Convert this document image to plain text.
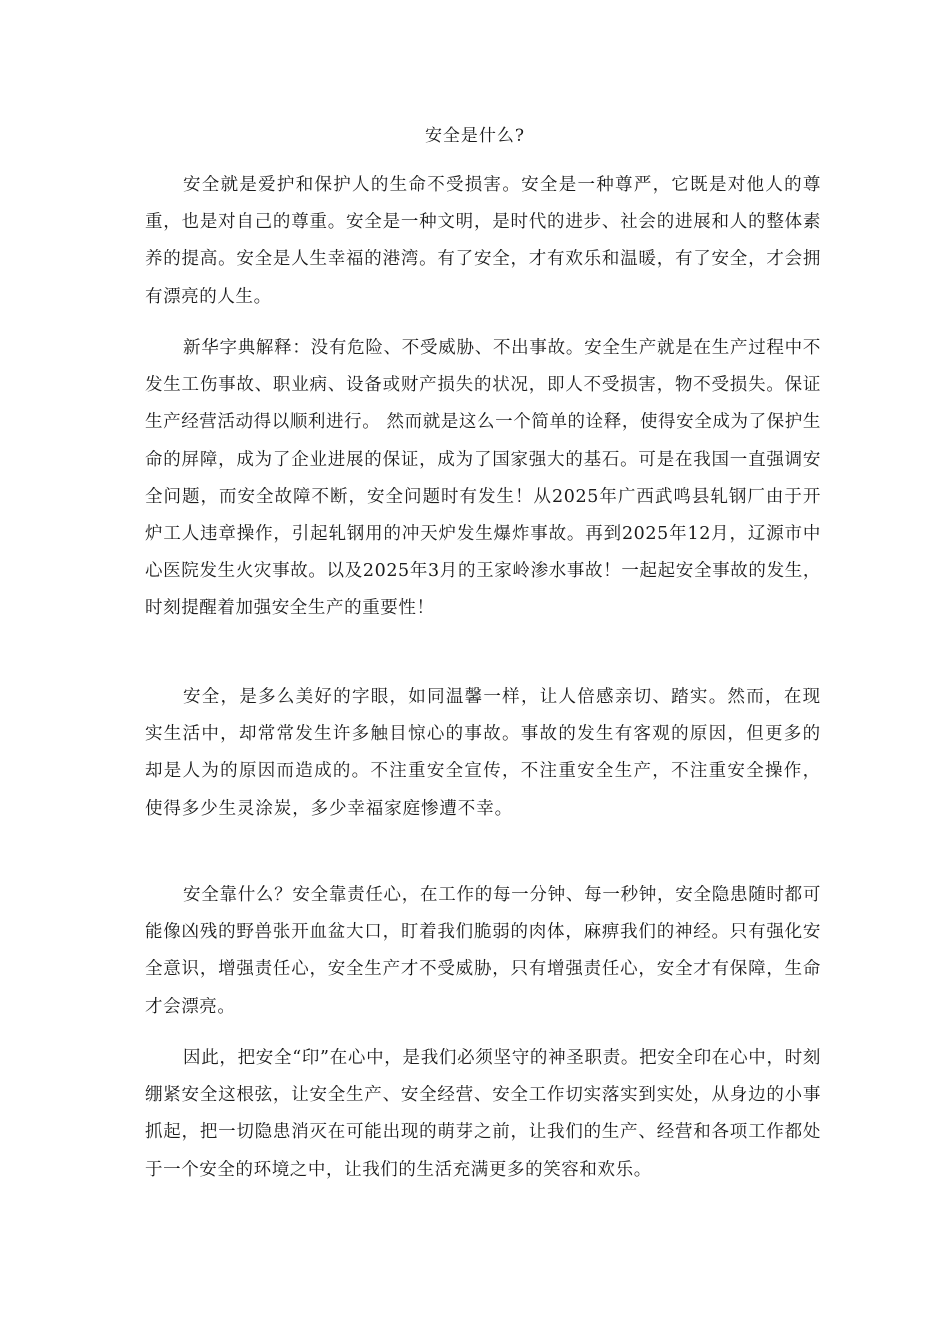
安全是什么?

安全就是爱护和保护人的生命不受损害。安全是一种尊严，它既是对他人的尊重，也是对自己的尊重。安全是一种文明，是时代的进步、社会的进展和人的整体素养的提高。安全是人生幸福的港湾。有了安全，才有欢乐和温暖，有了安全，才会拥有漂亮的人生。

新华字典解释：没有危险、不受威胁、不出事故。安全生产就是在生产过程中不发生工伤事故、职业病、设备或财产损失的状况，即人不受损害，物不受损失。保证生产经营活动得以顺利进行。 然而就是这么一个简单的诠释，使得安全成为了保护生命的屏障，成为了企业进展的保证，成为了国家强大的基石。可是在我国一直强调安全问题，而安全故障不断，安全问题时有发生！从2025年广西武鸣县轧钢厂由于开炉工人违章操作，引起轧钢用的冲天炉发生爆炸事故。再到2025年12月，辽源市中心医院发生火灾事故。以及2025年3月的王家岭渗水事故！一起起安全事故的发生，时刻提醒着加强安全生产的重要性！

安全，是多么美好的字眼，如同温馨一样，让人倍感亲切、踏实。然而，在现实生活中，却常常发生许多触目惊心的事故。事故的发生有客观的原因，但更多的却是人为的原因而造成的。不注重安全宣传，不注重安全生产，不注重安全操作，使得多少生灵涂炭，多少幸福家庭惨遭不幸。

安全靠什么？安全靠责任心，在工作的每一分钟、每一秒钟，安全隐患随时都可能像凶残的野兽张开血盆大口，盯着我们脆弱的肉体，麻痹我们的神经。只有强化安全意识，增强责任心，安全生产才不受威胁，只有增强责任心，安全才有保障，生命才会漂亮。

因此，把安全“印”在心中，是我们必须坚守的神圣职责。把安全印在心中，时刻绷紧安全这根弦，让安全生产、安全经营、安全工作切实落实到实处，从身边的小事抓起，把一切隐患消灭在可能出现的萌芽之前，让我们的生产、经营和各项工作都处于一个安全的环境之中，让我们的生活充满更多的笑容和欢乐。
